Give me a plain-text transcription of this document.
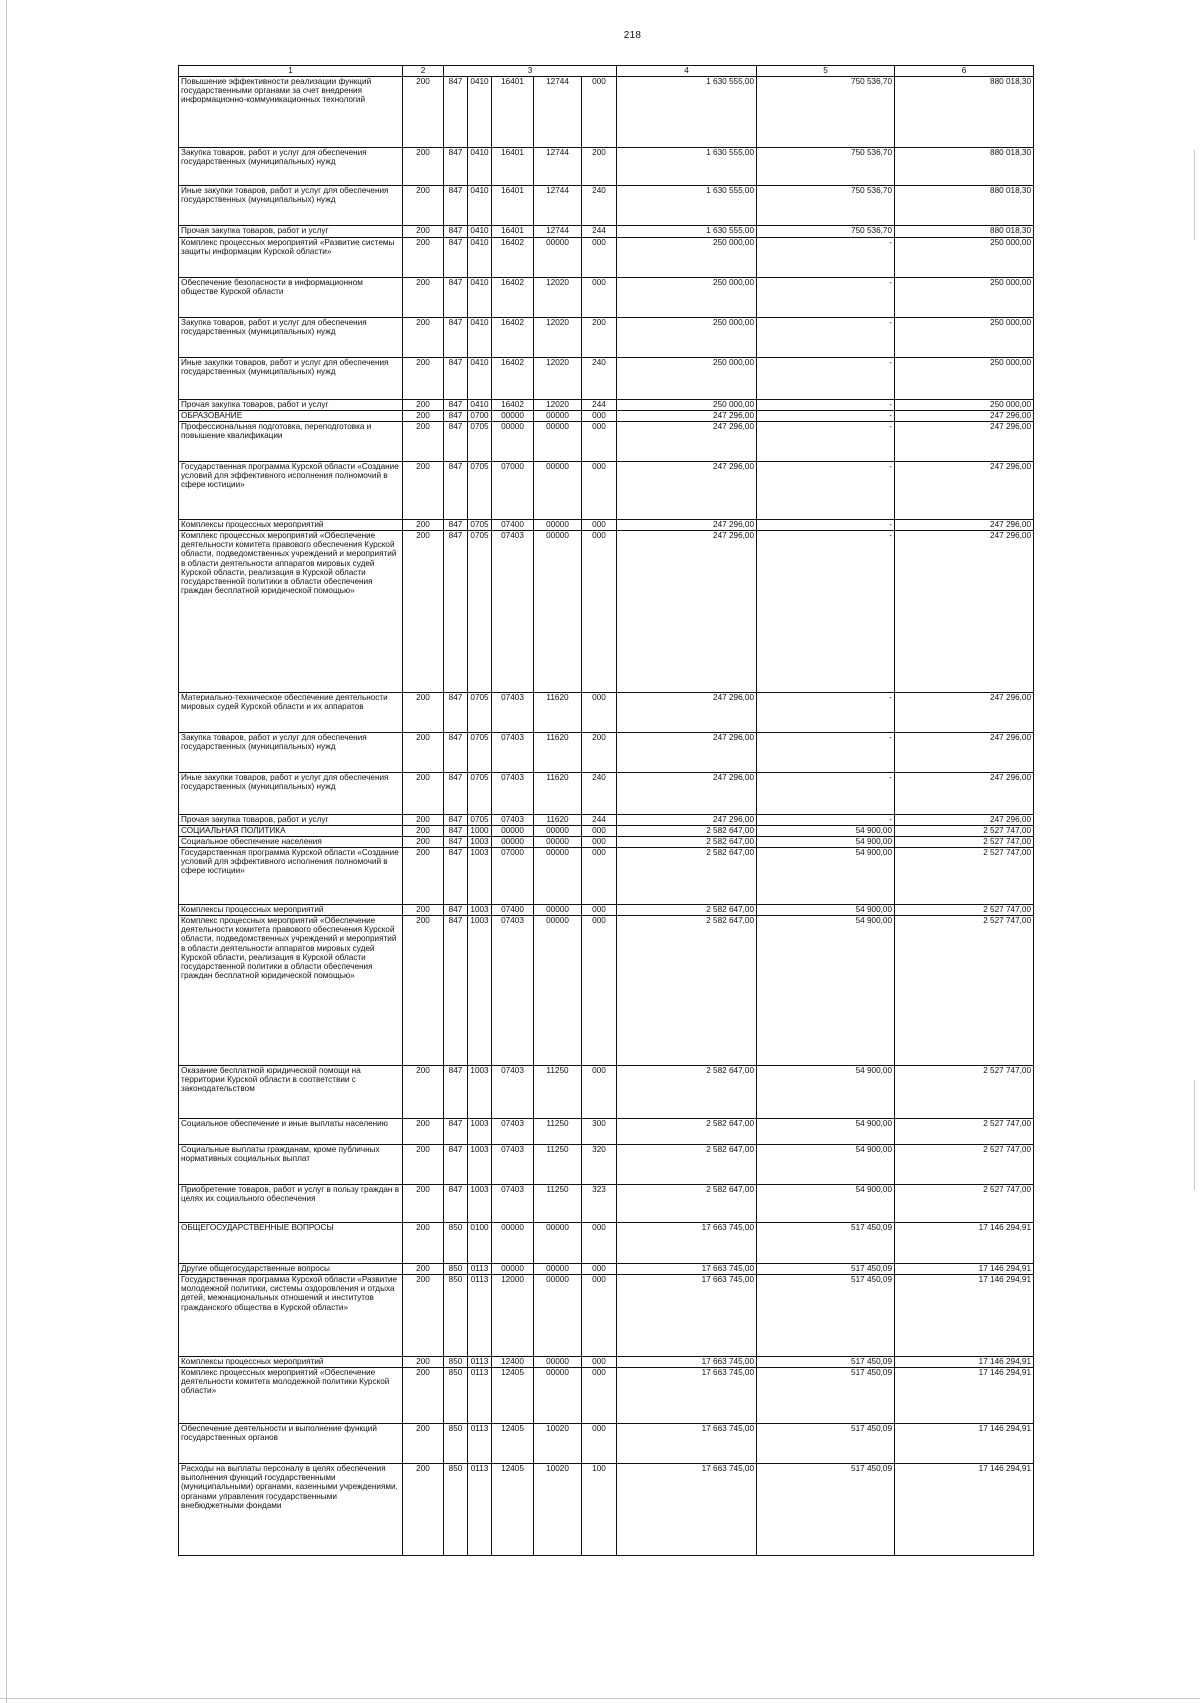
218
1	2	3					4	5	6
Повышение эффективности реализации функций государственными органами за счет внедрения информационно-коммуникационных технологий	200	847	0410	16401	12744	000	1 630 555,00	750 536,70	880 018,30
Закупка товаров, работ и услуг для обеспечения государственных (муниципальных) нужд	200	847	0410	16401	12744	200	1 630 555,00	750 536,70	880 018,30
Иные закупки товаров, работ и услуг для обеспечения государственных (муниципальных) нужд	200	847	0410	16401	12744	240	1 630 555,00	750 536,70	880 018,30
Прочая закупка товаров, работ и услуг	200	847	0410	16401	12744	244	1 630 555,00	750 536,70	880 018,30
Комплекс процессных мероприятий «Развитие системы защиты информации Курской области»	200	847	0410	16402	00000	000	250 000,00	-	250 000,00
Обеспечение безопасности в информационном обществе Курской области	200	847	0410	16402	12020	000	250 000,00	-	250 000,00
Закупка товаров, работ и услуг для обеспечения государственных (муниципальных) нужд	200	847	0410	16402	12020	200	250 000,00	-	250 000,00
Иные закупки товаров, работ и услуг для обеспечения государственных (муниципальных) нужд	200	847	0410	16402	12020	240	250 000,00	-	250 000,00
Прочая закупка товаров, работ и услуг	200	847	0410	16402	12020	244	250 000,00	-	250 000,00
ОБРАЗОВАНИЕ	200	847	0700	00000	00000	000	247 296,00	-	247 296,00
Профессиональная подготовка, переподготовка и повышение квалификации	200	847	0705	00000	00000	000	247 296,00	-	247 296,00
Государственная программа Курской области «Создание условий для эффективного исполнения полномочий в сфере юстиции»	200	847	0705	07000	00000	000	247 296,00	-	247 296,00
Комплексы процессных мероприятий	200	847	0705	07400	00000	000	247 296,00	-	247 296,00
Комплекс процессных мероприятий «Обеспечение деятельности комитета правового обеспечения Курской области, подведомственных учреждений и мероприятий в области деятельности аппаратов мировых судей Курской области, реализация в Курской области государственной политики в области обеспечения граждан бесплатной юридической помощью»	200	847	0705	07403	00000	000	247 296,00	-	247 296,00
Материально-техническое обеспечение деятельности мировых судей Курской области и их аппаратов	200	847	0705	07403	11620	000	247 296,00	-	247 296,00
Закупка товаров, работ и услуг для обеспечения государственных (муниципальных) нужд	200	847	0705	07403	11620	200	247 296,00	-	247 296,00
Иные закупки товаров, работ и услуг для обеспечения государственных (муниципальных) нужд	200	847	0705	07403	11620	240	247 296,00	-	247 296,00
Прочая закупка товаров, работ и услуг	200	847	0705	07403	11620	244	247 296,00	-	247 296,00
СОЦИАЛЬНАЯ ПОЛИТИКА	200	847	1000	00000	00000	000	2 582 647,00	54 900,00	2 527 747,00
Социальное обеспечение населения	200	847	1003	00000	00000	000	2 582 647,00	54 900,00	2 527 747,00
Государственная программа Курской области «Создание условий для эффективного исполнения полномочий в сфере юстиции»	200	847	1003	07000	00000	000	2 582 647,00	54 900,00	2 527 747,00
Комплексы процессных мероприятий	200	847	1003	07400	00000	000	2 582 647,00	54 900,00	2 527 747,00
Комплекс процессных мероприятий «Обеспечение деятельности комитета правового обеспечения Курской области, подведомственных учреждений и мероприятий в области деятельности аппаратов мировых судей Курской области, реализация в Курской области государственной политики в области обеспечения граждан бесплатной юридической помощью»	200	847	1003	07403	00000	000	2 582 647,00	54 900,00	2 527 747,00
Оказание бесплатной юридической помощи на территории Курской области в соответствии с законодательством	200	847	1003	07403	11250	000	2 582 647,00	54 900,00	2 527 747,00
Социальное обеспечение и иные выплаты населению	200	847	1003	07403	11250	300	2 582 647,00	54 900,00	2 527 747,00
Социальные выплаты гражданам, кроме публичных нормативных социальных выплат	200	847	1003	07403	11250	320	2 582 647,00	54 900,00	2 527 747,00
Приобретение товаров, работ и услуг в пользу граждан в целях их социального обеспечения	200	847	1003	07403	11250	323	2 582 647,00	54 900,00	2 527 747,00
ОБЩЕГОСУДАРСТВЕННЫЕ ВОПРОСЫ	200	850	0100	00000	00000	000	17 663 745,00	517 450,09	17 146 294,91
Другие общегосударственные вопросы	200	850	0113	00000	00000	000	17 663 745,00	517 450,09	17 146 294,91
Государственная программа Курской области «Развитие молодежной политики, системы оздоровления и отдыха детей, межнациональных отношений и институтов гражданского общества в Курской области»	200	850	0113	12000	00000	000	17 663 745,00	517 450,09	17 146 294,91
Комплексы процессных мероприятий	200	850	0113	12400	00000	000	17 663 745,00	517 450,09	17 146 294,91
Комплекс процессных мероприятий «Обеспечение деятельности комитета молодежной политики Курской области»	200	850	0113	12405	00000	000	17 663 745,00	517 450,09	17 146 294,91
Обеспечение деятельности и выполнение функций государственных органов	200	850	0113	12405	10020	000	17 663 745,00	517 450,09	17 146 294,91
Расходы на выплаты персоналу в целях обеспечения выполнения функций государственными (муниципальными) органами, казенными учреждениями, органами управления государственными внебюджетными фондами	200	850	0113	12405	10020	100	17 663 745,00	517 450,09	17 146 294,91
